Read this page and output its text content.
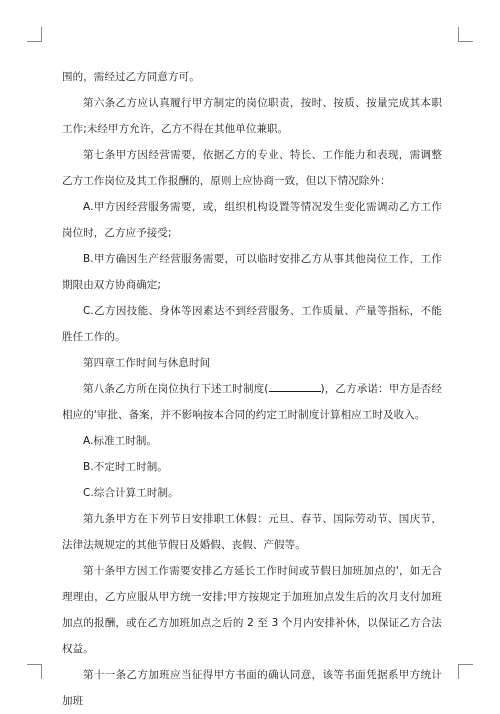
围的，需经过乙方同意方可。

第六条乙方应认真履行甲方制定的岗位职责，按时、按质、按量完成其本职工作;未经甲方允许，乙方不得在其他单位兼职。

第七条甲方因经营需要，依据乙方的专业、特长、工作能力和表现，需调整乙方工作岗位及其工作报酬的，原则上应协商一致，但以下情况除外：

A.甲方因经营服务需要，或，组织机构设置等情况发生变化需调动乙方工作岗位时，乙方应予接受;

B.甲方确因生产经营服务需要，可以临时安排乙方从事其他岗位工作，工作期限由双方协商确定;

C.乙方因技能、身体等因素达不到经营服务、工作质量、产量等指标，不能胜任工作的。

第四章工作时间与休息时间

第八条乙方所在岗位执行下述工时制度(	)，乙方承诺：甲方是否经相应的'审批、备案，并不影响按本合同的约定工时制度计算相应工时及收入。

A.标准工时制。

B.不定时工时制。

C.综合计算工时制。

第九条甲方在下列节日安排职工休假：元旦、春节、国际劳动节、国庆节，法律法规规定的其他节假日及婚假、丧假、产假等。

第十条甲方因工作需要安排乙方延长工作时间或节假日加班加点的'，如无合理理由，乙方应服从甲方统一安排;甲方按规定于加班加点发生后的次月支付加班加点的报酬，或在乙方加班加点之后的 2 至 3 个月内安排补休，以保证乙方合法权益。

第十一条乙方加班应当征得甲方书面的确认同意，该等书面凭据系甲方统计加班
